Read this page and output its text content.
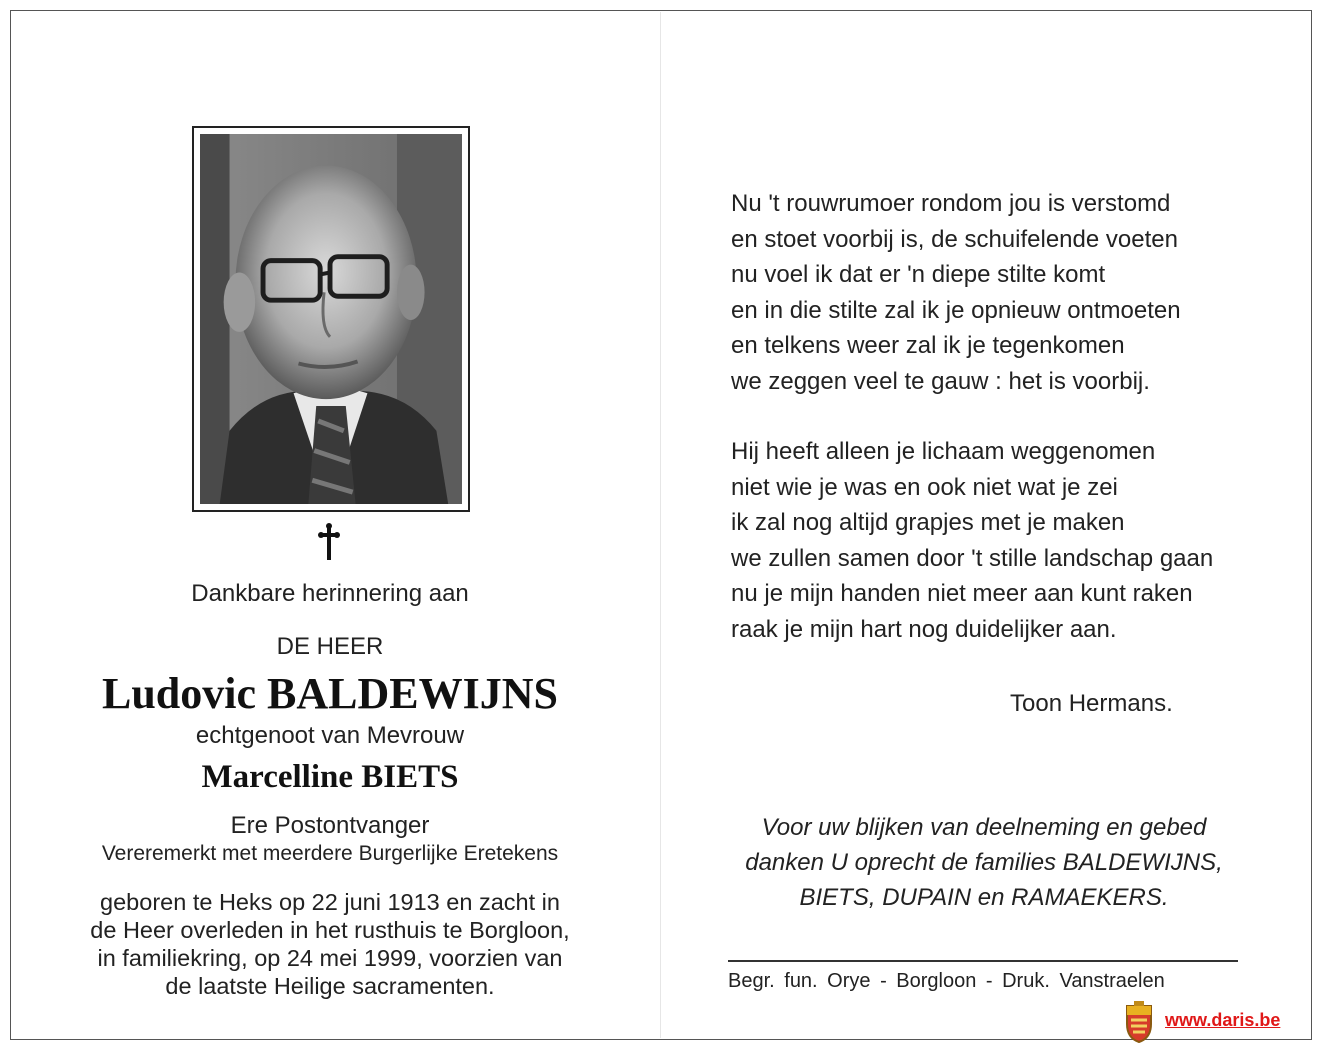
Dankbare herinnering aan
DE HEER
Ludovic BALDEWIJNS
echtgenoot van Mevrouw
Marcelline BIETS
Ere Postontvanger
Vereremerkt met meerdere Burgerlijke Eretekens
geboren te Heks op 22 juni 1913 en zacht in
de Heer overleden in het rusthuis te Borgloon,
in familiekring, op 24 mei 1999, voorzien van
de laatste Heilige sacramenten.
Nu 't rouwrumoer rondom jou is verstomd
en stoet voorbij is, de schuifelende voeten
nu voel ik dat er 'n diepe stilte komt
en in die stilte zal ik je opnieuw ontmoeten
en telkens weer zal ik je tegenkomen
we zeggen veel te gauw : het is voorbij.
Hij heeft alleen je lichaam weggenomen
niet wie je was en ook niet wat je zei
ik zal nog altijd grapjes met je maken
we zullen samen door 't stille landschap gaan
nu je mijn handen niet meer aan kunt raken
raak je mijn hart nog duidelijker aan.
Toon Hermans.
Voor uw blijken van deelneming en gebed
danken U oprecht de families BALDEWIJNS,
BIETS, DUPAIN en RAMAEKERS.
Begr. fun. Orye - Borgloon - Druk. Vanstraelen
www.daris.be
